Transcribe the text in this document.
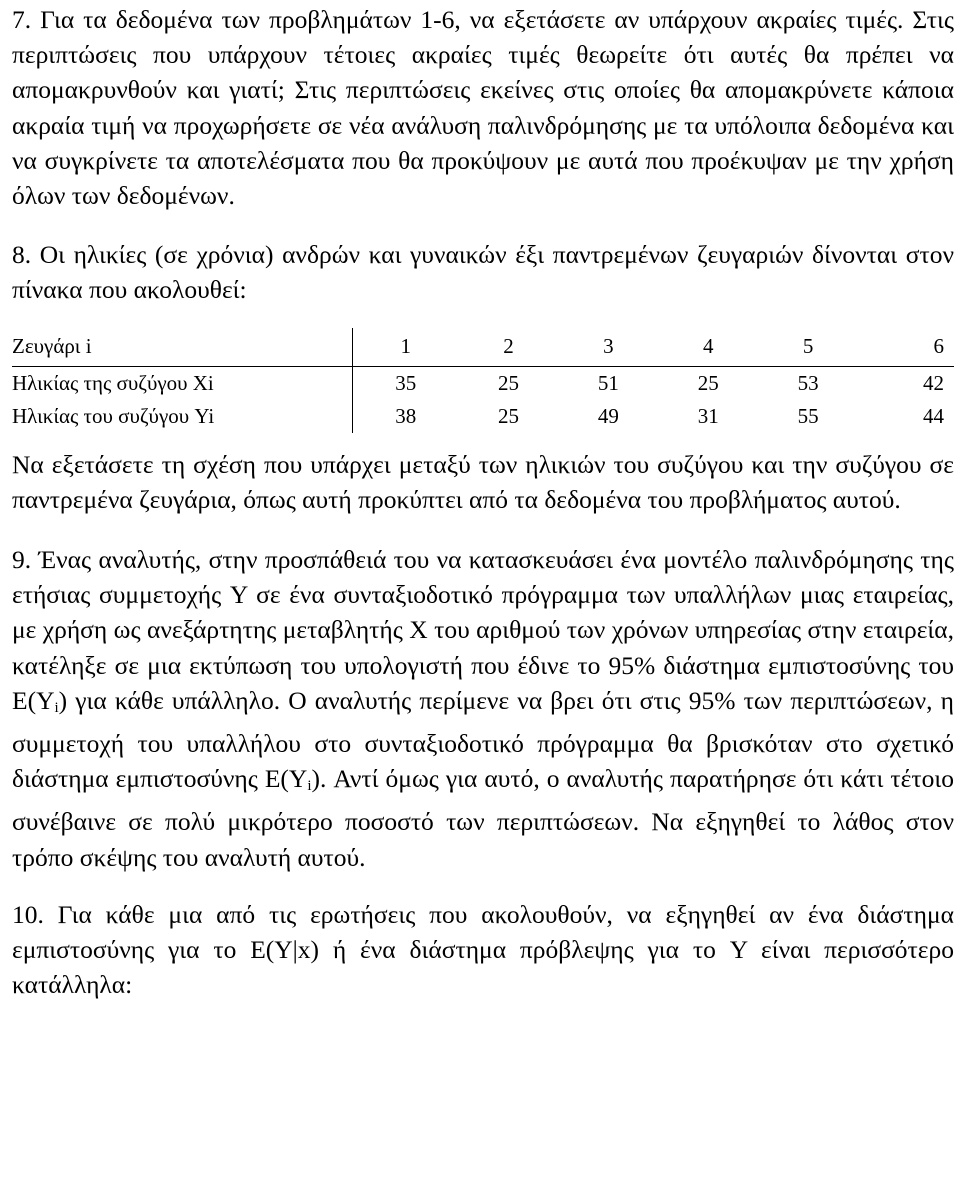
7. Για τα δεδομένα των προβλημάτων 1-6, να εξετάσετε αν υπάρχουν ακραίες τιμές. Στις περιπτώσεις που υπάρχουν τέτοιες ακραίες τιμές θεωρείτε ότι αυτές θα πρέπει να απομακρυνθούν και γιατί; Στις περιπτώσεις εκείνες στις οποίες θα απομακρύνετε κάποια ακραία τιμή να προχωρήσετε σε νέα ανάλυση παλινδρόμησης με τα υπόλοιπα δεδομένα και να συγκρίνετε τα αποτελέσματα που θα προκύψουν με αυτά που προέκυψαν με την χρήση όλων των δεδομένων.

8. Οι ηλικίες (σε χρόνια) ανδρών και γυναικών έξι παντρεμένων ζευγαριών δίνονται στον πίνακα που ακολουθεί:

Ζευγάρι i	1	2	3	4	5	6
Ηλικίας της συζύγου Xi	35	25	51	25	53	42
Ηλικίας του συζύγου Yi	38	25	49	31	55	44

Να εξετάσετε τη σχέση που υπάρχει μεταξύ των ηλικιών του συζύγου και την συζύγου σε παντρεμένα ζευγάρια, όπως αυτή προκύπτει από τα δεδομένα του προβλήματος αυτού.

9. Ένας αναλυτής, στην προσπάθειά του να κατασκευάσει ένα μοντέλο παλινδρόμησης της ετήσιας συμμετοχής Y σε ένα συνταξιοδοτικό πρόγραμμα των υπαλλήλων μιας εταιρείας, με χρήση ως ανεξάρτητης μεταβλητής X του αριθμού των χρόνων υπηρεσίας στην εταιρεία, κατέληξε σε μια εκτύπωση του υπολογιστή που έδινε το 95% διάστημα εμπιστοσύνης του $E(Y_i)$ για κάθε υπάλληλο. Ο αναλυτής περίμενε να βρει ότι στις 95% των περιπτώσεων, η συμμετοχή του υπαλλήλου στο συνταξιοδοτικό πρόγραμμα θα βρισκόταν στο σχετικό διάστημα εμπιστοσύνης $E(Y_i)$. Αντί όμως για αυτό, ο αναλυτής παρατήρησε ότι κάτι τέτοιο συνέβαινε σε πολύ μικρότερο ποσοστό των περιπτώσεων. Να εξηγηθεί το λάθος στον τρόπο σκέψης του αναλυτή αυτού.

10. Για κάθε μια από τις ερωτήσεις που ακολουθούν, να εξηγηθεί αν ένα διάστημα εμπιστοσύνης για το E(Y|x) ή ένα διάστημα πρόβλεψης για το Y είναι περισσότερο κατάλληλα:
